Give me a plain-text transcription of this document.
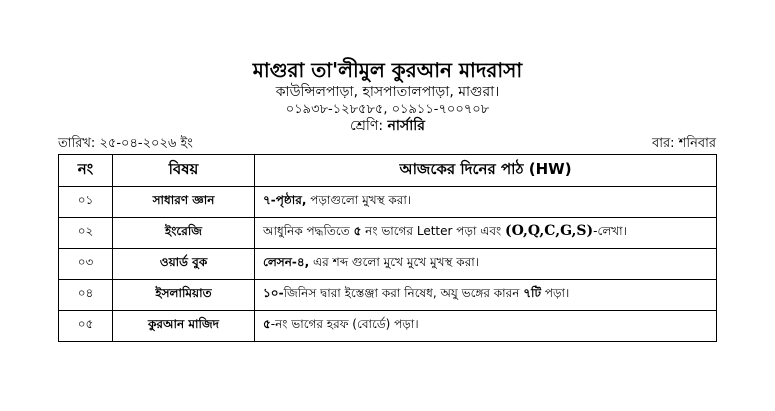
মাগুরা তা'লীমুল কুরআন মাদরাসা
কাউন্সিলপাড়া, হাসপাতালপাড়া, মাগুরা।
০১৯৩৮-১২৮৫৮৫, ০১৯১১-৭০০৭০৮
শ্রেণি: নার্সারি
তারিখ: ২৫-০৪-২০২৬ ইং	বার: শনিবার
নং	বিষয়	আজকের দিনের পাঠ (HW)
০১	সাধারণ জ্ঞান	৭-পৃষ্ঠার, পড়াগুলো মুখস্থ করা।
০২	ইংরেজি	আধুনিক পদ্ধতিতে ৫ নং ভাগের Letter পড়া এবং (O,Q,C,G,S)-লেখা।
০৩	ওয়ার্ড বুক	লেসন-৪, এর শব্দ গুলো মুখে মুখে মুখস্থ করা।
০৪	ইসলামিয়াত	১০-জিনিস দ্বারা ইস্তেঞ্জা করা নিষেধ, অযু ভঙ্গের কারন ৭টি পড়া।
০৫	কুরআন মাজিদ	৫-নং ভাগের হরফ (বোর্ডে) পড়া।
